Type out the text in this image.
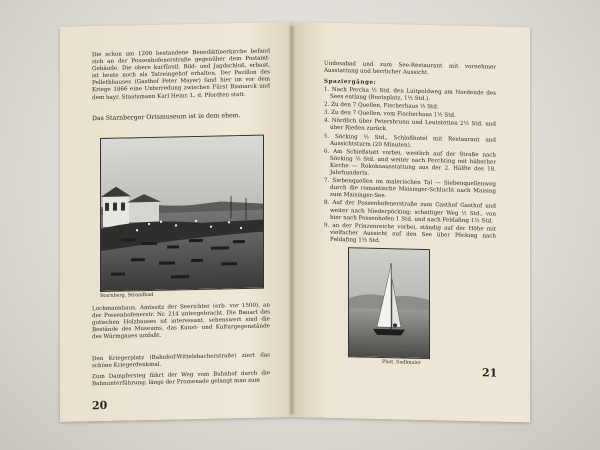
Die schon um 1200 bestandene Benediktinerkirche befand sich an der Possenhofenerstraße gegenüber dem Postamt-Gebäude. Die obere kurfürstl. Bild- und Jagdschloß, erbaut, ist heute noch als Tatreingehof erhalten. Der Pavillon des Pellethhauses (Gasthof Peter Mayer) fand hier im vor dem Kriege 1866 eine Unterredung zwischen Fürst Bismarck und dem bayr. Staatsmann Karl Heinr. L. d. Pfordten statt.
Das Starnberger Ortsmuseum ist in dem ehem.
Starnberg, Strandbad
Lochmannhaus, Amtssitz der Seerichter (erb. vor 1500), an der Possenhofenerstr. Nr. 214 untergebracht. Die Bauart des gotischen Holzhauses ist interessant, sehenswert sind die Bestände des Museums, das Kunst- und Kulturgegenstände des Würmgaues umfaßt.
Den Kriegerplatz (Bahnhof-Wittelsbacherstraße) ziert das schöne Kriegerdenkmal.
Zum Dampfersteg führt der Weg vom Bahnhof durch die Bahnunterführung; längs der Promenade gelangt man zum
20
Undosabad und zum See-Restaurant mit vornehmer Ausstattung und herrlicher Aussicht.
Spaziergänge:
1. Nach Percha ½ Std. den Luitpoldweg am Nordende des Sees entlang (Bootsplatz, 1½ Std.).
2. Zu den 7 Quellen, Fischerhaus ⅓ Std.
3. Zu den 7 Quellen, vom Fischerhaus 1½ Std.
4. Nördlich über Petersbrunn und Leutstetten 2½ Std. und über Rieden zurück.
5. Söcking ½ Std., Schloßhotel mit Restaurant und Aussichtsturm (20 Minuten).
6. Am Schießstatt vorbei, westlich auf der Straße nach Söcking ⅓ Std. und weiter nach Perchting mit hübscher Kirche — Rokokoausstattung aus der 2. Hälfte des 18. Jahrhunderts.
7. Siebenquellen im malerischen Tal — Siebenquellenweg durch die romantische Maisinger-Schlucht nach Maising zum Maisinger-See.
8. Auf der Possenhofenerstraße zum Gasthof Gasthof und weiter nach Niederpöcking; schattiger Weg ½ Std., von hier nach Possenhofen 1 Std. und nach Feldafing 1½ Std.
9. an der Prinzenreiche vorbei, ständig auf der Höhe mit vielfacher Aussicht auf den See über Pöcking nach Feldafing 1½ Std.
Phot. Sedlmaier
21
